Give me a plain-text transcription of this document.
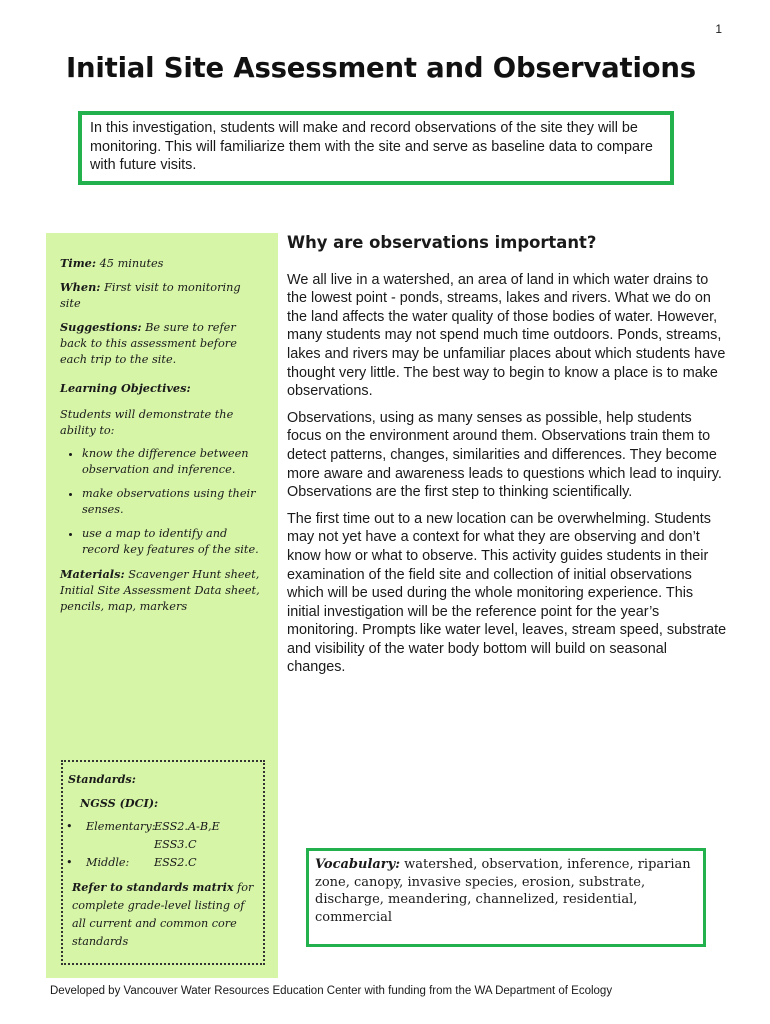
1
Initial Site Assessment and Observations
In this investigation, students will make and record observations of the site they will be monitoring. This will familiarize them with the site and serve as baseline data to compare with future visits.

Time: 45 minutes

When: First visit to monitoring site

Suggestions: Be sure to refer back to this assessment before each trip to the site.

Learning Objectives:

Students will demonstrate the ability to:

• know the difference between observation and inference.
• make observations using their senses.
• use a map to identify and record key features of the site.

Materials: Scavenger Hunt sheet, Initial Site Assessment Data sheet, pencils, map, markers

Standards:
NGSS (DCI):
•	Elementary:
ESS2.A-B,E
ESS3.C
•	Middle:	ESS2.C
Refer to standards matrix for complete grade-level listing of all current and common core standards
Why are observations important?

We all live in a watershed, an area of land in which water drains to the lowest point - ponds, streams, lakes and rivers. What we do on the land affects the water quality of those bodies of water. However, many students may not spend much time outdoors. Ponds, streams, lakes and rivers may be unfamiliar places about which students have thought very little. The best way to begin to know a place is to make observations.

Observations, using as many senses as possible, help students focus on the environment around them. Observations train them to detect patterns, changes, similarities and differences. They become more aware and awareness leads to questions which lead to inquiry. Observations are the first step to thinking scientifically.

The first time out to a new location can be overwhelming. Students may not yet have a context for what they are observing and don’t know how or what to observe. This activity guides students in their examination of the field site and collection of initial observations which will be used during the whole monitoring experience. This initial investigation will be the reference point for the year’s monitoring. Prompts like water level, leaves, stream speed, substrate and visibility of the water body bottom will build on seasonal changes.

Vocabulary: watershed, observation, inference, riparian zone, canopy, invasive species, erosion, substrate, discharge, meandering, channelized, residential, commercial
Developed by Vancouver Water Resources Education Center with funding from the WA Department of Ecology
